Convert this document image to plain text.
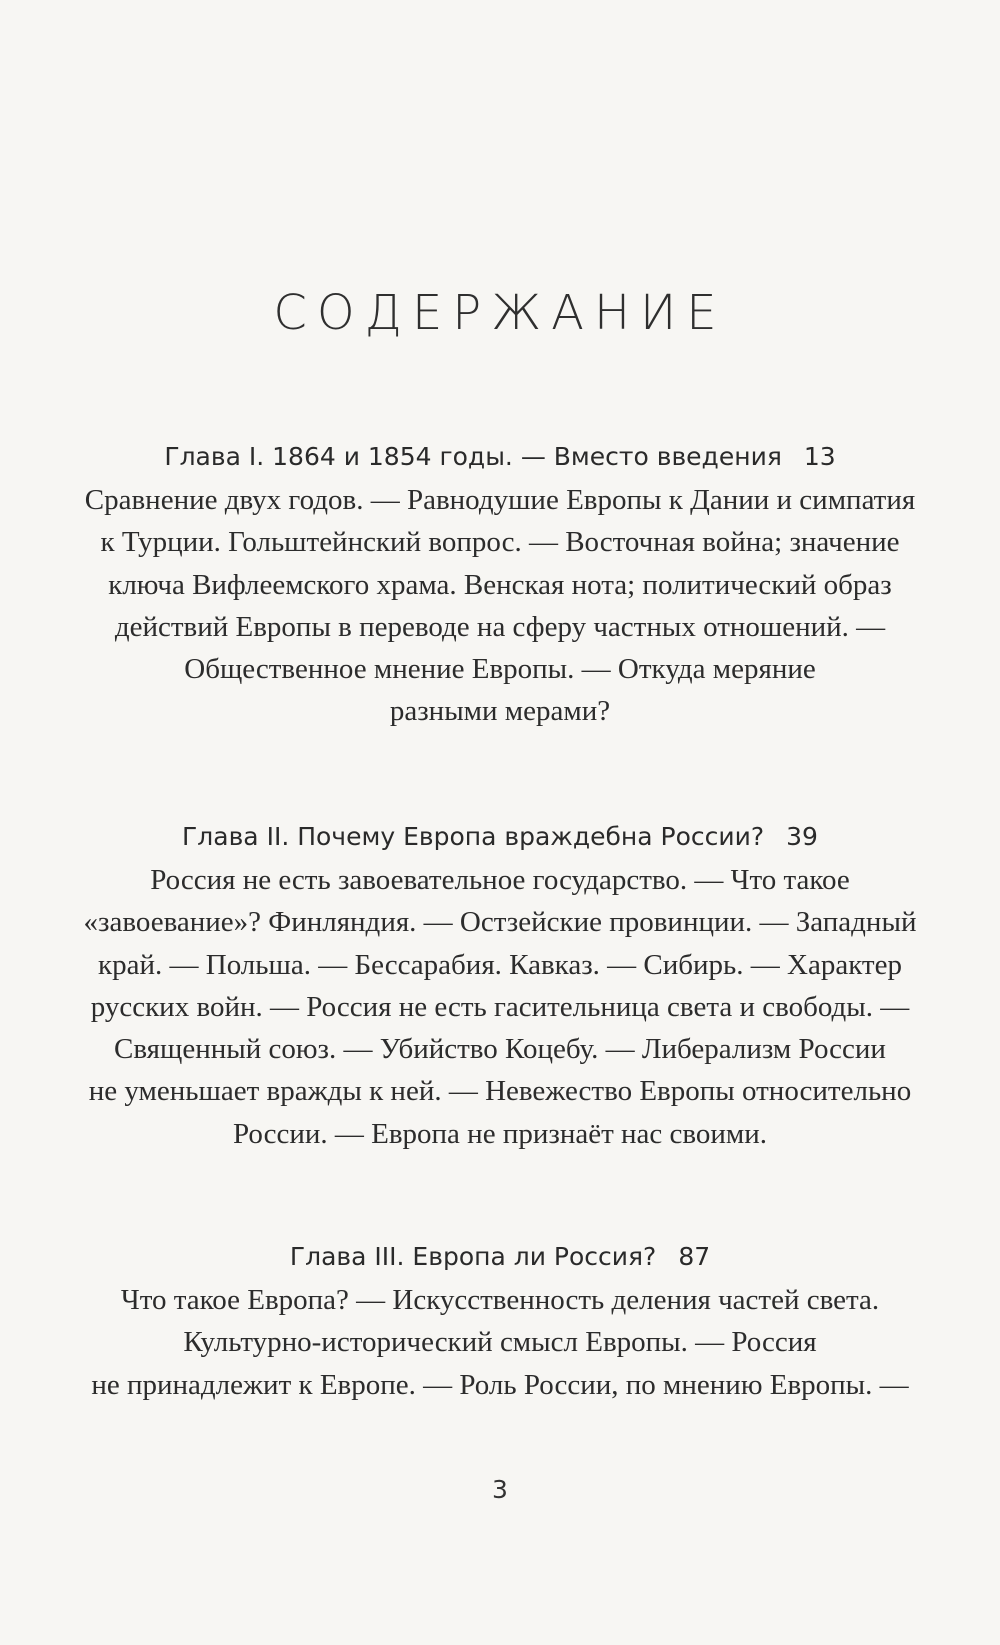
СОДЕРЖАНИЕ

Глава I. 1864 и 1854 годы. — Вместо введения 13

Сравнение двух годов. — Равнодушие Европы к Дании и симпатия
к Турции. Гольштейнский вопрос. — Восточная война; значение
ключа Вифлеемского храма. Венская нота; политический образ
действий Европы в переводе на сферу частных отношений. —
Общественное мнение Европы. — Откуда меряние
разными мерами?

Глава II. Почему Европа враждебна России? 39

Россия не есть завоевательное государство. — Что такое
«завоевание»? Финляндия. — Остзейские провинции. — Западный
край. — Польша. — Бессарабия. Кавказ. — Сибирь. — Характер
русских войн. — Россия не есть гасительница света и свободы. —
Священный союз. — Убийство Коцебу. — Либерализм России
не уменьшает вражды к ней. — Невежество Европы относительно
России. — Европа не признаёт нас своими.

Глава III. Европа ли Россия? 87

Что такое Европа? — Искусственность деления частей света.
Культурно-исторический смысл Европы. — Россия
не принадлежит к Европе. — Роль России, по мнению Европы. —

3
